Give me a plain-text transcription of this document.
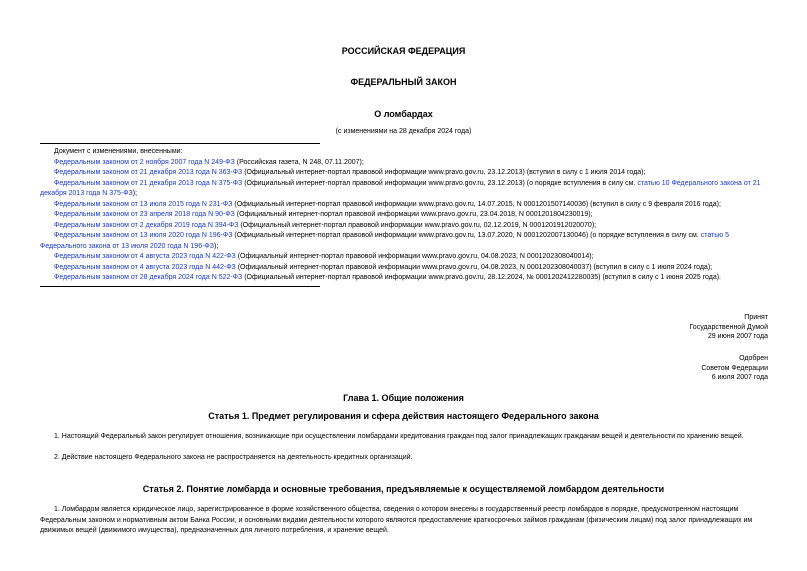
РОССИЙСКАЯ ФЕДЕРАЦИЯ
ФЕДЕРАЛЬНЫЙ ЗАКОН
О ломбардах
(с изменениями на 28 декабря 2024 года)
Документ с изменениями, внесенными:
Федеральным законом от 2 ноября 2007 года N 249-ФЗ (Российская газета, N 248, 07.11.2007);
Федеральным законом от 21 декабря 2013 года N 363-ФЗ (Официальный интернет-портал правовой информации www.pravo.gov.ru, 23.12.2013) (вступил в силу с 1 июля 2014 года);
Федеральным законом от 21 декабря 2013 года N 375-ФЗ (Официальный интернет-портал правовой информации www.pravo.gov.ru, 23.12.2013) (о порядке вступления в силу см. статью 10 Федерального закона от 21 декабря 2013 года N 375-ФЗ);
Федеральным законом от 13 июля 2015 года N 231-ФЗ (Официальный интернет-портал правовой информации www.pravo.gov.ru, 14.07.2015, N 0001201507140036) (вступил в силу с 9 февраля 2016 года);
Федеральным законом от 23 апреля 2018 года N 90-ФЗ (Официальный интернет-портал правовой информации www.pravo.gov.ru, 23.04.2018, N 0001201804230019);
Федеральным законом от 2 декабря 2019 года N 394-ФЗ (Официальный интернет-портал правовой информации www.pravo.gov.ru, 02.12.2019, N 0001201912020070);
Федеральным законом от 13 июля 2020 года N 196-ФЗ (Официальный интернет-портал правовой информации www.pravo.gov.ru, 13.07.2020, N 0001202007130046) (о порядке вступления в силу см. статью 5 Федерального закона от 13 июля 2020 года N 196-ФЗ);
Федеральным законом от 4 августа 2023 года N 422-ФЗ (Официальный интернет-портал правовой информации www.pravo.gov.ru, 04.08.2023, N 0001202308040014);
Федеральным законом от 4 августа 2023 года N 442-ФЗ (Официальный интернет-портал правовой информации www.pravo.gov.ru, 04.08.2023, N 0001202308040037) (вступил в силу с 1 июля 2024 года);
Федеральным законом от 28 декабря 2024 года N 522-ФЗ (Официальный интернет-портал правовой информации www.pravo.gov.ru, 28.12.2024, № 0001202412280035) (вступил в силу с 1 июня 2025 года).
Принят
Государственной Думой
29 июня 2007 года
Одобрен
Советом Федерации
6 июля 2007 года
Глава 1. Общие положения
Статья 1. Предмет регулирования и сфера действия настоящего Федерального закона
1. Настоящий Федеральный закон регулирует отношения, возникающие при осуществлении ломбардами кредитования граждан под залог принадлежащих гражданам вещей и деятельности по хранению вещей.
2. Действие настоящего Федерального закона не распространяется на деятельность кредитных организаций.
Статья 2. Понятие ломбарда и основные требования, предъявляемые к осуществляемой ломбардом деятельности
1. Ломбардом является юридическое лицо, зарегистрированное в форме хозяйственного общества, сведения о котором внесены в государственный реестр ломбардов в порядке, предусмотренном настоящим Федеральным законом и нормативным актом Банка России, и основными видами деятельности которого являются предоставление краткосрочных займов гражданам (физическим лицам) под залог принадлежащих им движимых вещей (движимого имущества), предназначенных для личного потребления, и хранение вещей.
